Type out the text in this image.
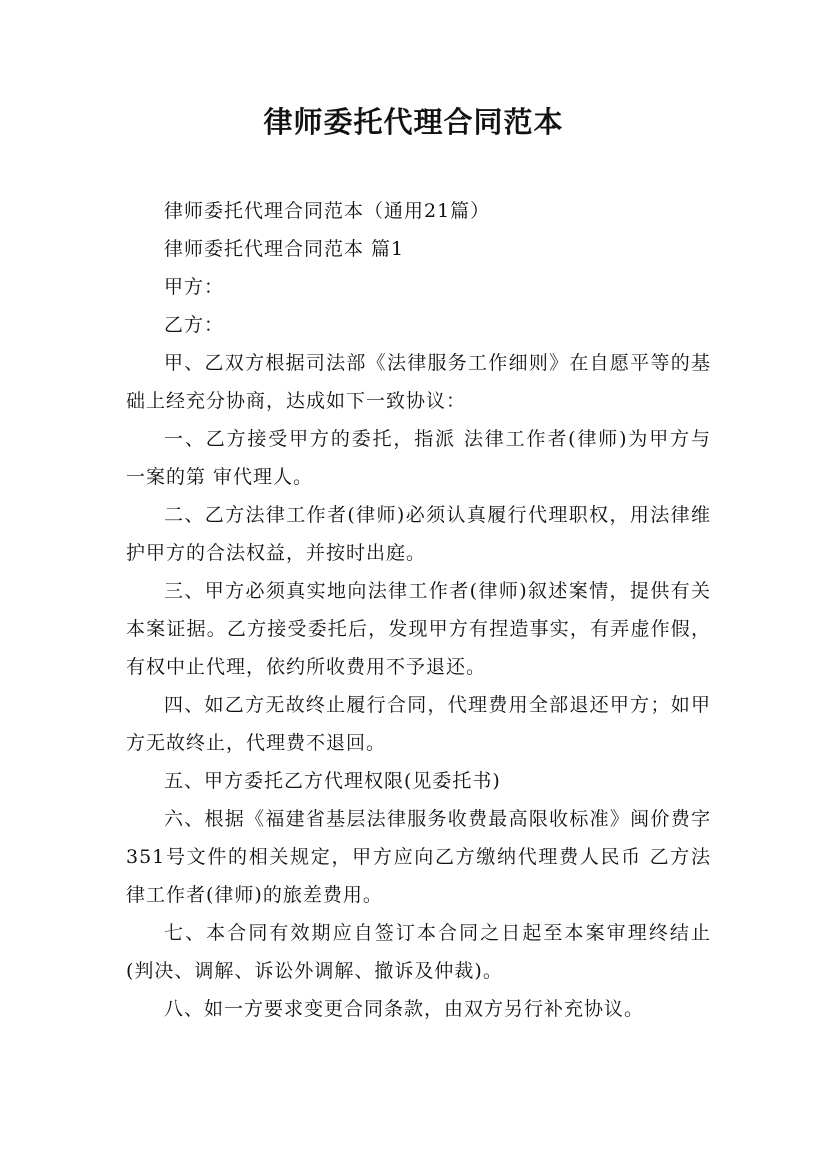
律师委托代理合同范本

律师委托代理合同范本（通用21篇）

律师委托代理合同范本 篇1

甲方：

乙方：

甲、乙双方根据司法部《法律服务工作细则》在自愿平等的基础上经充分协商，达成如下一致协议：

一、乙方接受甲方的委托，指派 法律工作者(律师)为甲方与 一案的第 审代理人。

二、乙方法律工作者(律师)必须认真履行代理职权，用法律维护甲方的合法权益，并按时出庭。

三、甲方必须真实地向法律工作者(律师)叙述案情，提供有关本案证据。乙方接受委托后，发现甲方有捏造事实，有弄虚作假，有权中止代理，依约所收费用不予退还。

四、如乙方无故终止履行合同，代理费用全部退还甲方；如甲方无故终止，代理费不退回。

五、甲方委托乙方代理权限(见委托书)

六、根据《福建省基层法律服务收费最高限收标准》闽价费字351号文件的相关规定，甲方应向乙方缴纳代理费人民币 乙方法律工作者(律师)的旅差费用。

七、本合同有效期应自签订本合同之日起至本案审理终结止(判决、调解、诉讼外调解、撤诉及仲裁)。

八、如一方要求变更合同条款，由双方另行补充协议。
